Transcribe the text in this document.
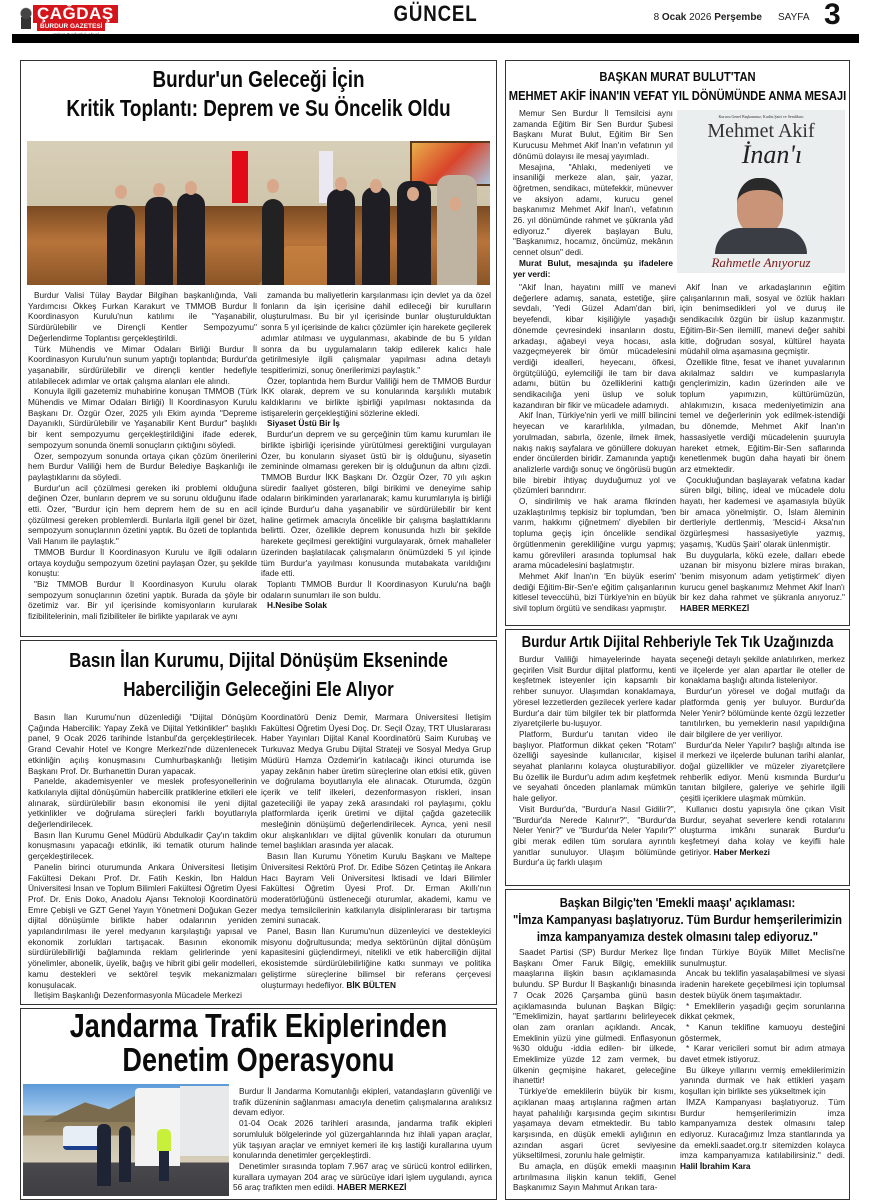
ÇAĞDAŞ
BURDUR GAZETESİ
GÜNCEL	8 Ocak 2026 Perşembe SAYFA 3
Burdur'un Geleceği İçin
Kritik Toplantı: Deprem ve Su Öncelik Oldu

Burdur Valisi Tülay Baydar Bilgihan başkanlığında, Vali Yardımcısı Ökkeş Furkan Karakurt ve TMMOB Burdur İl Koordinasyon Kurulu'nun katılımı ile "Yaşanabilir, Sürdürülebilir ve Dirençli Kentler Sempozyumu" Değerlendirme Toplantısı gerçekleştirildi.

Türk Mühendis ve Mimar Odaları Birliği Burdur İl Koordinasyon Kurulu'nun sunum yaptığı toplantıda; Burdur'da yaşanabilir, sürdürülebilir ve dirençli kentler hedefiyle atılabilecek adımlar ve ortak çalışma alanları ele alındı.

Konuyla ilgili gazetemiz muhabirine konuşan TMMOB (Türk Mühendis ve Mimar Odaları Birliği) İl Koordinasyon Kurulu Başkanı Dr. Özgür Özer, 2025 yılı Ekim ayında "Depreme Dayanıklı, Sürdürülebilir ve Yaşanabilir Kent Burdur" başlıklı bir kent sempozyumu gerçekleştirildiğini ifade ederek, sempozyum sonunda önemli sonuçların çıktığını söyledi.

Özer, sempozyum sonunda ortaya çıkan çözüm önerilerini hem Burdur Valiliği hem de Burdur Belediye Başkanlığı ile paylaştıklarını da söyledi.

Burdur'un acil çözülmesi gereken iki problemi olduğuna değinen Özer, bunların deprem ve su sorunu olduğunu ifade etti. Özer, "Burdur için hem deprem hem de su en acil çözülmesi gereken problemlerdi. Bunlarla ilgili genel bir özet, sempozyum sonuçlarının özetini yaptık. Bu özeti de toplantıda Vali Hanım ile paylaştık."

TMMOB Burdur İl Koordinasyon Kurulu ve ilgili odaların ortaya koyduğu sempozyum özetini paylaşan Özer, şu şekilde konuştu:

"Biz TMMOB Burdur İl Koordinasyon Kurulu olarak sempozyum sonuçlarının özetini yaptık. Burada da şöyle bir özetimiz var. Bir yıl içerisinde komisyonların kurularak fizibilitelerinin, mali fizibiliteler ile birlikte yapılarak ve aynı

zamanda bu maliyetlerin karşılanması için devlet ya da özel fonların da işin içerisine dahil edileceği bir kurulların oluşturulması. Bu bir yıl içerisinde bunlar oluşturulduktan sonra 5 yıl içerisinde de kalıcı çözümler için harekete geçilerek adımlar atılması ve uygulanması, akabinde de bu 5 yıldan sonra da bu uygulamaların takip edilerek kalıcı hale getirilmesiyle ilgili çalışmalar yapılması adına detaylı tespitlerimizi, sonuç önerilerimizi paylaştık."

Özer, toplantıda hem Burdur Valiliği hem de TMMOB Burdur İKK olarak, deprem ve su konularında karşılıklı mutabık kaldıklarını ve birlikte işbirliği yapılması noktasında da istişarelerin gerçekleştiğini sözlerine ekledi.

Siyaset Üstü Bir İş

Burdur'un deprem ve su gerçeğinin tüm kamu kurumları ile birlikte işbirliği içerisinde yürütülmesi gerektiğini vurgulayan Özer, bu konuların siyaset üstü bir iş olduğunu, siyasetin zemininde olmaması gereken bir iş olduğunun da altını çizdi. TMMOB Burdur İKK Başkanı Dr. Özgür Özer, 70 yılı aşkın süredir faaliyet gösteren, bilgi birikimi ve deneyime sahip odaların birikiminden yararlanarak; kamu kurumlarıyla iş birliği içinde Burdur'u daha yaşanabilir ve sürdürülebilir bir kent haline getirmek amacıyla öncelikle bir çalışma başlattıklarını belirtti. Özer, özellikle deprem konusunda hızlı bir şekilde harekete geçilmesi gerektiğini vurgulayarak, örnek mahalleler üzerinden başlatılacak çalışmaların önümüzdeki 5 yıl içinde tüm Burdur'a yayılması konusunda mutabakata varıldığını ifade etti.

Toplantı TMMOB Burdur İl Koordinasyon Kurulu'na bağlı odaların sunumları ile son buldu.

H.Nesibe Solak

BAŞKAN MURAT BULUT'TAN
MEHMET AKİF İNAN'IN VEFAT YIL DÖNÜMÜNDE ANMA MESAJI
Kurucu Genel Başkanımız, Kudüs Şairi ve Sendikacı
Mehmet Akif
İnan'ı
Rahmetle Anıyoruz

Memur Sen Burdur İl Temsilcisi aynı zamanda Eğitim Bir Sen Burdur Şubesi Başkanı Murat Bulut, Eğitim Bir Sen Kurucusu Mehmet Akif İnan'ın vefatının yıl dönümü dolayısı ile mesaj yayımladı.

Mesajına, "Ahlakı, medeniyeti ve insaniliği merkeze alan, şair, yazar, öğretmen, sendikacı, mütefekkir, münevver ve aksiyon adamı, kurucu genel başkanımız Mehmet Akif İnan'ı, vefatının 26. yıl dönümünde rahmet ve şükranla yâd ediyoruz." diyerek başlayan Bulu, "Başkanımız, hocamız, öncümüz, mekânın cennet olsun" dedi.

Murat Bulut, mesajında şu ifadelere yer verdi:

"Akif İnan, hayatını millî ve manevi değerlere adamış, sanata, estetiğe, şiire sevdalı, 'Yedi Güzel Adam'dan biri, beyefendi, kibar kişiliğiyle yaşadığı dönemde çevresindeki insanların dostu, arkadaşı, ağabeyi veya hocası, asla vazgeçmeyerek bir ömür mücadelesini verdiği idealleri, heyecanı, öfkesi, örgütçülüğü, eylemciliği ile tam bir dava adamı, bütün bu özelliklerini kattığı sendikacılığa yeni üslup ve soluk kazandıran bir fikir ve mücadele adamıydı.

Akif İnan, Türkiye'nin yerli ve millî bilincini heyecan ve kararlılıkla, yılmadan, yorulmadan, sabırla, özenle, ilmek ilmek, nakış nakış sayfalara ve gönüllere dokuyan ender öncülerden biridir. Zamanında yaptığı analizlerle vardığı sonuç ve öngörüsü bugün bile birebir ihtiyaç duyduğumuz yol ve çözümleri barındırır.

O, sindirilmiş ve hak arama fikrinden uzaklaştırılmış tepkisiz bir toplumdan, 'ben varım, hakkımı çiğnetmem' diyebilen bir topluma geçiş için öncelikle sendikal örgütlenmenin gerekliliğine vurgu yapmış; kamu görevlileri arasında toplumsal hak arama mücadelesini başlatmıştır.

Mehmet Akif İnan'ın 'En büyük eserim' dediği Eğitim-Bir-Sen'e eğitim çalışanlarının kitlesel teveccühü, bizi Türkiye'nin en büyük sivil toplum örgütü ve sendikası yapmıştır.

Akif İnan ve arkadaşlarının eğitim çalışanlarının mali, sosyal ve özlük hakları için benimsedikleri yol ve duruş ile sendikacılık özgün bir üslup kazanmıştır. Eğitim-Bir-Sen ilemillî, manevi değer sahibi kitle, doğrudan sosyal, kültürel hayata müdahil olma aşamasına geçmiştir.

Özellikle fitne, fesat ve ihanet yuvalarının akılalmaz saldırı ve kumpaslarıyla gençlerimizin, kadın üzerinden aile ve toplum yapımızın, kültürümüzün, ahlakımızın, kısaca medeniyetimizin ana temel ve değerlerinin yok edilmek-istendiği bu dönemde, Mehmet Akif İnan'ın hassasiyetle verdiği mücadelenin şuuruyla hareket etmek, Eğitim-Bir-Sen saflarında kenetlenmek bugün daha hayati bir önem arz etmektedir.

Çocukluğundan başlayarak vefatına kadar süren bilgi, bilinç, ideal ve mücadele dolu hayatı, her kademesi ve aşamasıyla büyük bir amaca yönelmiştir. O, İslam âleminin dertleriyle dertlenmiş, 'Mescid-i Aksa'nın özgürleşmesi hassasiyetiyle yazmış, yaşamış, 'Kudüs Şairi' olarak ünlenmiştir.

Bu duygularla, kökü ezele, dalları ebede uzanan bir misyonu bizlere miras bırakan, 'benim misyonum adam yetiştirmek' diyen kurucu genel başkanımız Mehmet Akif İnan'ı bir kez daha rahmet ve şükranla anıyoruz." HABER MERKEZİ

Basın İlan Kurumu, Dijital Dönüşüm Ekseninde
Haberciliğin Geleceğini Ele Alıyor

Basın İlan Kurumu'nun düzenlediği "Dijital Dönüşüm Çağında Habercilik: Yapay Zekâ ve Dijital Yetkinlikler" başlıklı panel, 9 Ocak 2026 tarihinde İstanbul'da gerçekleştirilecek. Grand Cevahir Hotel ve Kongre Merkezi'nde düzenlenecek etkinliğin açılış konuşmasını Cumhurbaşkanlığı İletişim Başkanı Prof. Dr. Burhanettin Duran yapacak.

Panelde, akademisyenler ve meslek profesyonellerinin katkılarıyla dijital dönüşümün habercilik pratiklerine etkileri ele alınarak, sürdürülebilir basın ekonomisi ile yeni dijital yetkinlikler ve doğrulama süreçleri farklı boyutlarıyla değerlendirilecek.

Basın İlan Kurumu Genel Müdürü Abdulkadir Çay'ın takdim konuşmasını yapacağı etkinlik, iki tematik oturum halinde gerçekleştirilecek.

Panelin birinci oturumunda Ankara Üniversitesi İletişim Fakültesi Dekanı Prof. Dr. Fatih Keskin, İbn Haldun Üniversitesi İnsan ve Toplum Bilimleri Fakültesi Öğretim Üyesi Prof. Dr. Enis Doko, Anadolu Ajansı Teknoloji Koordinatörü Emre Çebişli ve GZT Genel Yayın Yönetmeni Doğukan Gezer dijital dönüşümle birlikte haber odalarının yeniden yapılandırılması ile yerel medyanın karşılaştığı yapısal ve ekonomik zorlukları tartışacak. Basının ekonomik sürdürülebilirliği bağlamında reklam gelirlerinde yeni yönelimler, abonelik, üyelik, bağış ve hibrit gibi gelir modelleri, kamu destekleri ve sektörel teşvik mekanizmaları konuşulacak.

İletişim Başkanlığı Dezenformasyonla Mücadele Merkezi

Koordinatörü Deniz Demir, Marmara Üniversitesi İletişim Fakültesi Öğretim Üyesi Doç. Dr. Seçil Özay, TRT Uluslararası Haber Yayınları Dijital Kanal Koordinatörü Saim Kurubaş ve Turkuvaz Medya Grubu Dijital Strateji ve Sosyal Medya Grup Müdürü Hamza Özdemir'in katılacağı ikinci oturumda ise yapay zekânın haber üretim süreçlerine olan etkisi etik, güven ve doğrulama boyutlarıyla ele alınacak. Oturumda, özgün içerik ve telif ilkeleri, dezenformasyon riskleri, insan gazeteciliği ile yapay zekâ arasındaki rol paylaşımı, çoklu platformlarda içerik üretimi ve dijital çağda gazetecilik mesleğinin dönüşümü değerlendirilecek. Ayrıca, yeni nesil okur alışkanlıkları ve dijital güvenlik konuları da oturumun temel başlıkları arasında yer alacak.

Basın İlan Kurumu Yönetim Kurulu Başkanı ve Maltepe Üniversitesi Rektörü Prof. Dr. Edibe Sözen Çetintaş ile Ankara Hacı Bayram Veli Üniversitesi İktisadi ve İdari Bilimler Fakültesi Öğretim Üyesi Prof. Dr. Erman Akıllı'nın moderatörlüğünü üstleneceği oturumlar, akademi, kamu ve medya temsilcilerinin katkılarıyla disiplinlerarası bir tartışma zemini sunacak.

Panel, Basın İlan Kurumu'nun düzenleyici ve destekleyici misyonu doğrultusunda; medya sektörünün dijital dönüşüm kapasitesini güçlendirmeyi, nitelikli ve etik haberciliğin dijital ekosistemde sürdürülebilirliğine katkı sunmayı ve politika geliştirme süreçlerine bilimsel bir referans çerçevesi oluşturmayı hedefliyor. BİK BÜLTEN

Burdur Artık Dijital Rehberiyle Tek Tık Uzağınızda

Burdur Valiliği himayelerinde hayata geçirilen Visit Burdur dijital platformu, kenti keşfetmek isteyenler için kapsamlı bir rehber sunuyor. Ulaşımdan konaklamaya, yöresel lezzetlerden gezilecek yerlere kadar Burdur'a dair tüm bilgiler tek bir platformda ziyaretçilerle bu-luşuyor.

Platform, Burdur'u tanıtan video ile başlıyor. Platformun dikkat çeken "Rotam" özelliği sayesinde kullanıcılar, kişisel seyahat planlarını kolayca oluşturabiliyor. Bu özellik ile Burdur'u adım adım keşfetmek ve seyahati önceden planlamak mümkün hale geliyor.

Visit Burdur'da, "Burdur'a Nasıl Gidilir?", "Burdur'da Nerede Kalınır?", "Burdur'da Neler Yenir?" ve "Burdur'da Neler Yapılır?" gibi merak edilen tüm sorulara ayrıntılı yanıtlar sunuluyor. Ulaşım bölümünde Burdur'a üç farklı ulaşım

seçeneği detaylı şekilde anlatılırken, merkez ve ilçelerde yer alan apartlar ile oteller de konaklama başlığı altında listeleniyor.

Burdur'un yöresel ve doğal mutfağı da platformda geniş yer buluyor. Burdur'da Neler Yenir? bölümünde kente özgü lezzetler tanıtılırken, bu yemeklerin nasıl yapıldığına dair bilgilere de yer veriliyor.

Burdur'da Neler Yapılır? başlığı altında ise il merkezi ve ilçelerde bulunan tarihi alanlar, doğal güzellikler ve müzeler ziyaretçilere rehberlik ediyor. Menü kısmında Burdur'u tanıtan bilgilere, galeriye ve şehirle ilgili çeşitli içeriklere ulaşmak mümkün.

Kullanıcı dostu yapısıyla öne çıkan Visit Burdur, seyahat severlere kendi rotalarını oluşturma imkânı sunarak Burdur'u keşfetmeyi daha kolay ve keyifli hale getiriyor. Haber Merkezi

Başkan Bilgiç'ten 'Emekli maaşı' açıklaması:
"İmza Kampanyası başlatıyoruz. Tüm Burdur hemşerilerimizin
imza kampanyamıza destek olmasını talep ediyoruz."

Saadet Partisi (SP) Burdur Merkez İlçe Başkanı Ömer Faruk Bilgiç, emeklilik maaşlarına ilişkin basın açıklamasında bulundu. SP Burdur İl Başkanlığı binasında 7 Ocak 2026 Çarşamba günü basın açıklamasında bulunan Başkan Bilgiç: "Emeklimizin, hayat şartlarını belirleyecek olan zam oranları açıklandı. Ancak, Emeklinin yüzü yine gülmedi. Enflasyonun %30 olduğu -iddia edilen- bir ülkede, Emeklimize yüzde 12 zam vermek, bu ülkenin geçmişine hakaret, geleceğine ihanettir!

Türkiye'de emeklilerin büyük bir kısmı, açıklanan maaş artışlarına rağmen artan hayat pahalılığı karşısında geçim sıkıntısı yaşamaya devam etmektedir. Bu tablo karşısında, en düşük emekli aylığının en azından asgari ücret seviyesine yükseltilmesi, zorunlu hale gelmiştir.

Bu amaçla, en düşük emekli maaşının artırılmasına ilişkin kanun teklifi, Genel Başkanımız Sayın Mahmut Arıkan tara-

fından Türkiye Büyük Millet Meclisi'ne sunulmuştur.

Ancak bu teklifin yasalaşabilmesi ve siyasi iradenin harekete geçebilmesi için toplumsal destek büyük önem taşımaktadır.

* Emeklilerin yaşadığı geçim sorunlarına dikkat çekmek,

* Kanun teklifine kamuoyu desteğini göstermek,

* Karar vericileri somut bir adım atmaya davet etmek istiyoruz.

Bu ülkeye yıllarını vermiş emeklilerimizin yanında durmak ve hak ettikleri yaşam koşulları için birlikte ses yükseltmek için

İMZA Kampanyası başlatıyoruz. Tüm Burdur hemşerilerimizin imza kampanyamıza destek olmasını talep ediyoruz. Kuracağımız İmza stantlarında ya da emekli.saadet.org.tr sitemizden kolayca imza kampanyamıza katılabilirsiniz." dedi. Halil İbrahim Kara

Jandarma Trafik Ekiplerinden
Denetim Operasyonu

Burdur İl Jandarma Komutanlığı ekipleri, vatandaşların güvenliği ve trafik düzeninin sağlanması amacıyla denetim çalışmalarına aralıksız devam ediyor.

01-04 Ocak 2026 tarihleri arasında, jandarma trafik ekipleri sorumluluk bölgelerinde yol güzergahlarında hız ihlali yapan araçlar, yük taşıyan araçlar ve emniyet kemeri ile kış lastiği kurallarına uyum konularında denetimler gerçekleştirdi.

Denetimler sırasında toplam 7.967 araç ve sürücü kontrol edilirken, kurallara uymayan 204 araç ve sürücüye idari işlem uygulandı, ayrıca 56 araç trafikten men edildi. HABER MERKEZİ
